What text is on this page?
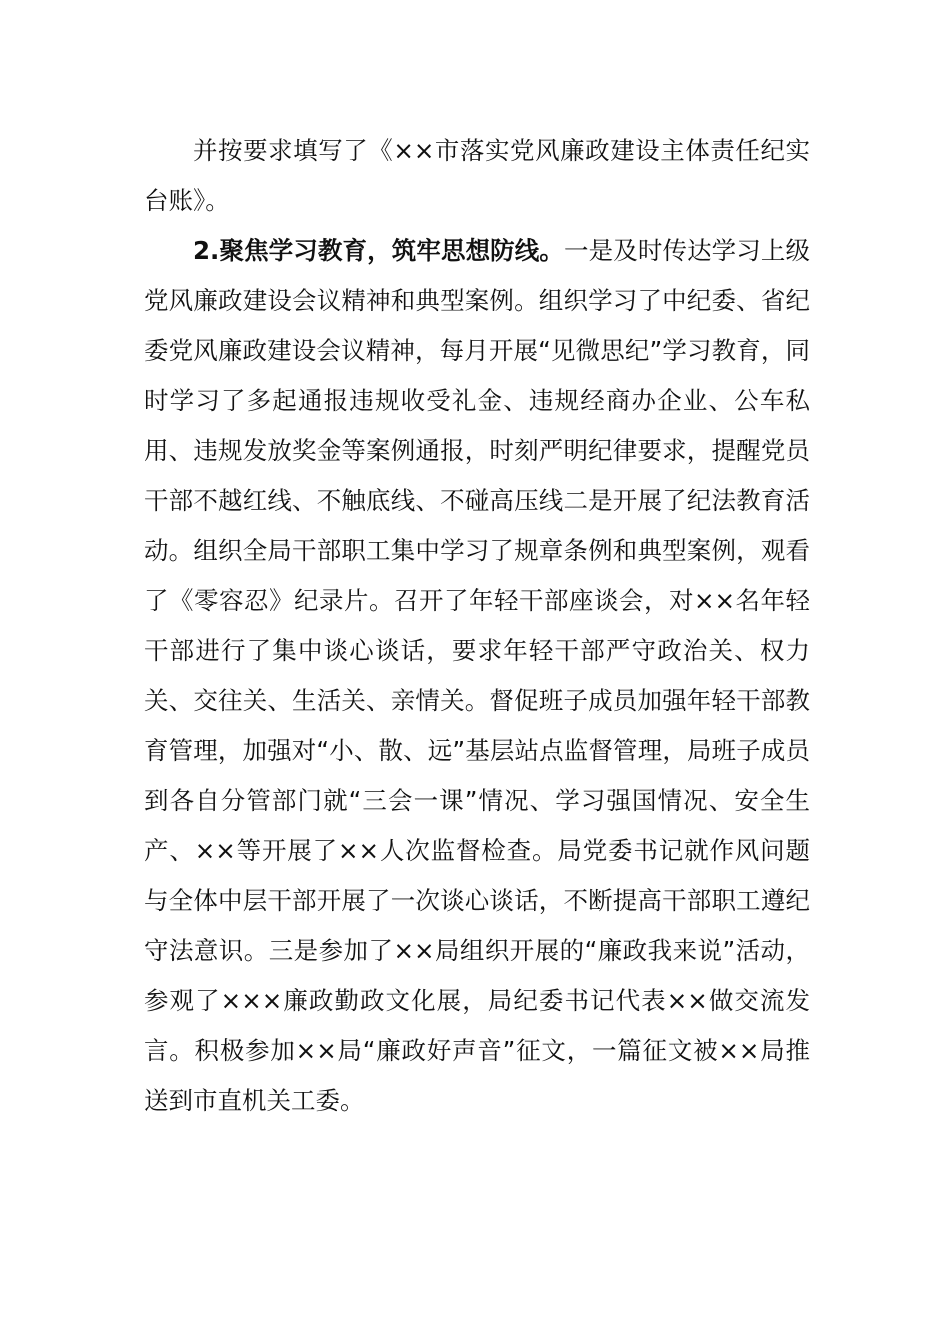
并按要求填写了《××市落实党风廉政建设主体责任纪实台账》。

2.聚焦学习教育，筑牢思想防线。一是及时传达学习上级党风廉政建设会议精神和典型案例。组织学习了中纪委、省纪委党风廉政建设会议精神，每月开展“见微思纪”学习教育，同时学习了多起通报违规收受礼金、违规经商办企业、公车私用、违规发放奖金等案例通报，时刻严明纪律要求，提醒党员干部不越红线、不触底线、不碰高压线二是开展了纪法教育活动。组织全局干部职工集中学习了规章条例和典型案例，观看了《零容忍》纪录片。召开了年轻干部座谈会，对××名年轻干部进行了集中谈心谈话，要求年轻干部严守政治关、权力关、交往关、生活关、亲情关。督促班子成员加强年轻干部教育管理，加强对“小、散、远”基层站点监督管理，局班子成员到各自分管部门就“三会一课”情况、学习强国情况、安全生产、××等开展了××人次监督检查。局党委书记就作风问题与全体中层干部开展了一次谈心谈话，不断提高干部职工遵纪守法意识。三是参加了××局组织开展的“廉政我来说”活动，参观了×××廉政勤政文化展，局纪委书记代表××做交流发言。积极参加××局“廉政好声音”征文，一篇征文被××局推送到市直机关工委。
